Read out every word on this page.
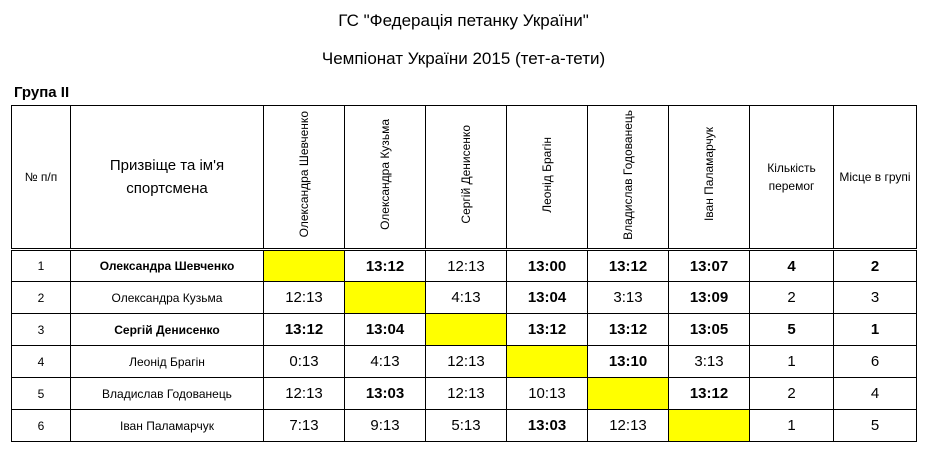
ГС "Федерація петанку України"
Чемпіонат України 2015 (тет-а-тети)
Група II
№ п/п	Призвіще та ім'я спортсмена	Олександра Шевченко	Олександра Кузьма	Сергій Денисенко	Леонід Брагін	Владислав Годованець	Іван Паламарчук	Кількість перемог	Місце в групі
1	Олександра Шевченко		13:12	12:13	13:00	13:12	13:07	4	2
2	Олександра Кузьма	12:13		4:13	13:04	3:13	13:09	2	3
3	Сергій Денисенко	13:12	13:04		13:12	13:12	13:05	5	1
4	Леонід Брагін	0:13	4:13	12:13		13:10	3:13	1	6
5	Владислав Годованець	12:13	13:03	12:13	10:13		13:12	2	4
6	Іван Паламарчук	7:13	9:13	5:13	13:03	12:13		1	5
